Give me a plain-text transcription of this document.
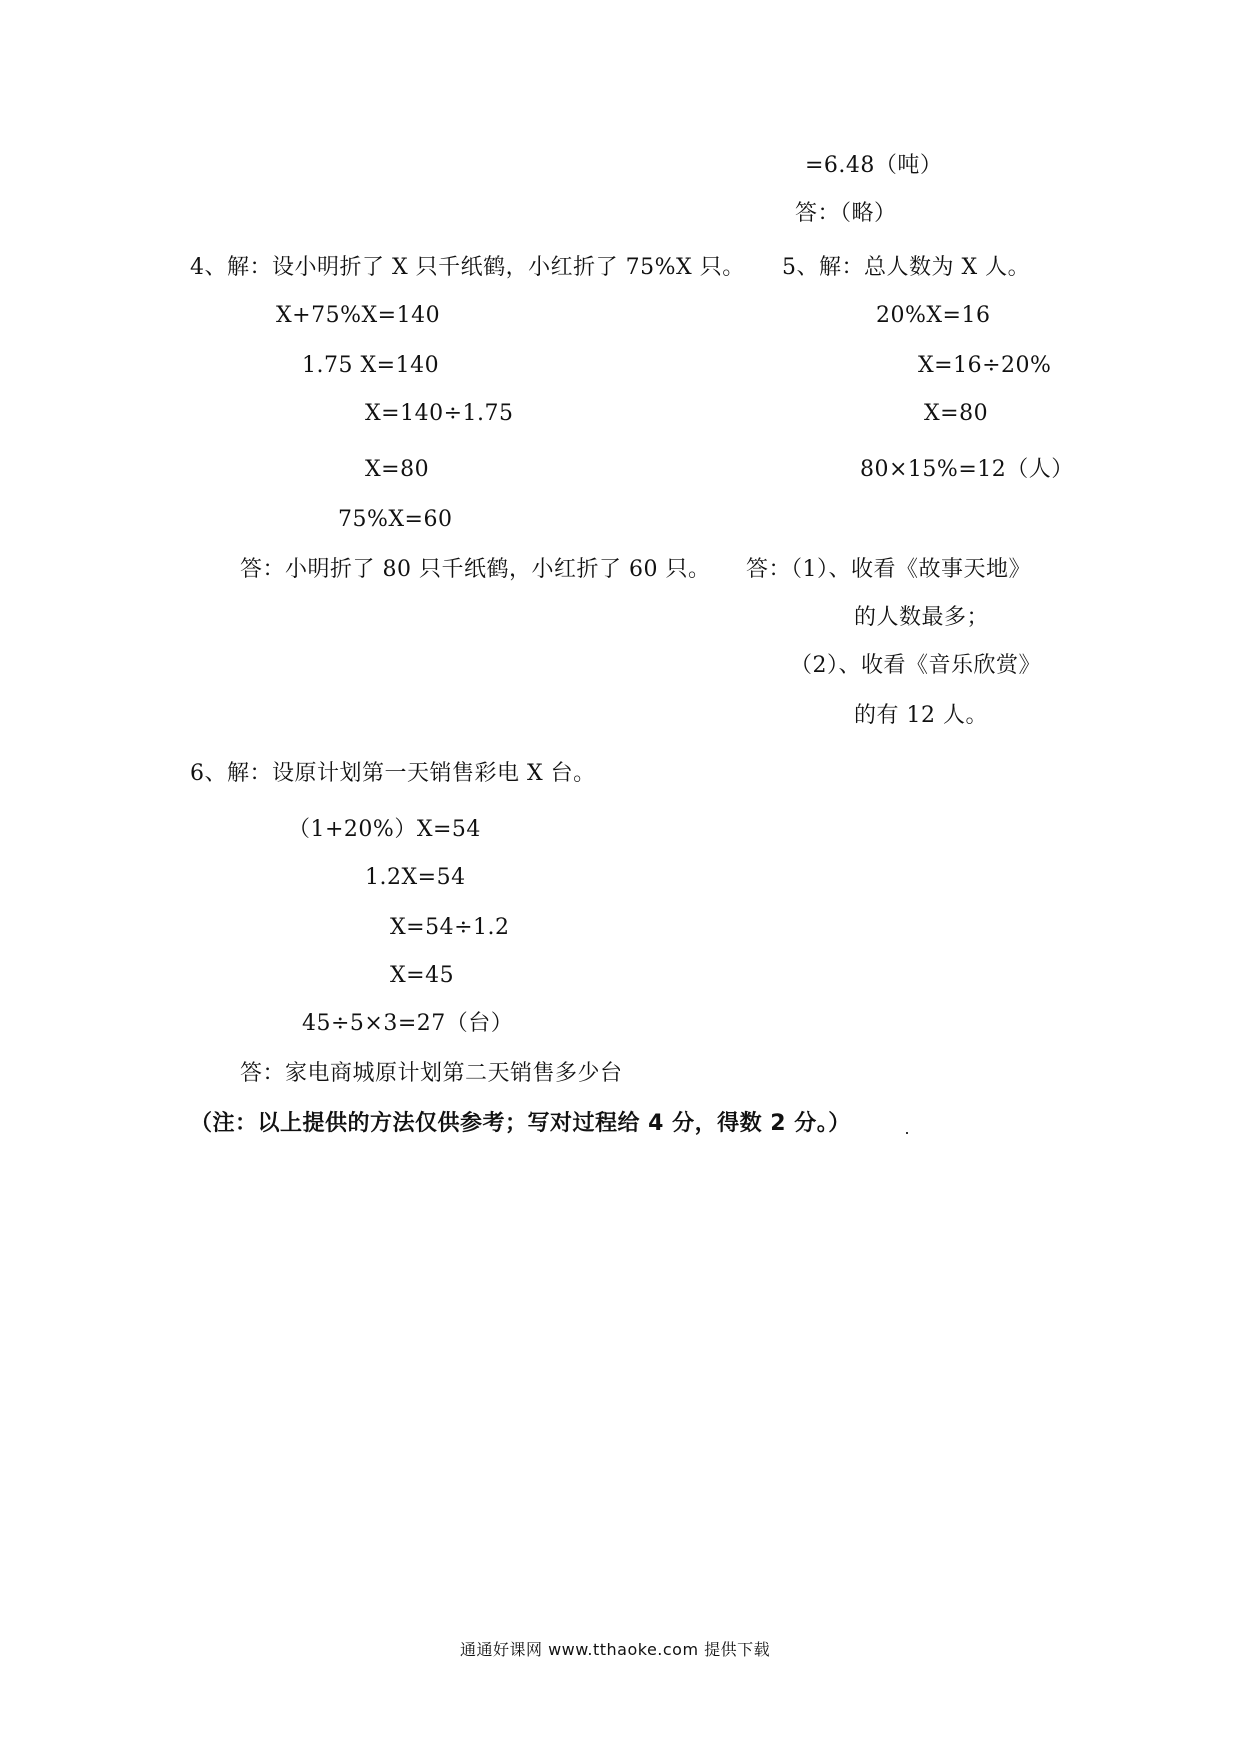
=6.48（吨）
答：（略）
4、解：设小明折了 X 只千纸鹤，小红折了 75%X 只。
X+75%X=140
1.75 X=140
X=140÷1.75
X=80
75%X=60
答：小明折了 80 只千纸鹤，小红折了 60 只。
5、解：总人数为 X 人。
20%X=16
X=16÷20%
X=80
80×15%=12（人）
答：（1）、收看《故事天地》
的人数最多；
（2）、收看《音乐欣赏》
的有 12 人。
6、解：设原计划第一天销售彩电 X 台。
（1+20%）X=54
1.2X=54
X=54÷1.2
X=45
45÷5×3=27（台）
答：家电商城原计划第二天销售多少台
（注：以上提供的方法仅供参考；写对过程给 4 分，得数 2 分。）
通通好课网 www.tthaoke.com 提供下载
